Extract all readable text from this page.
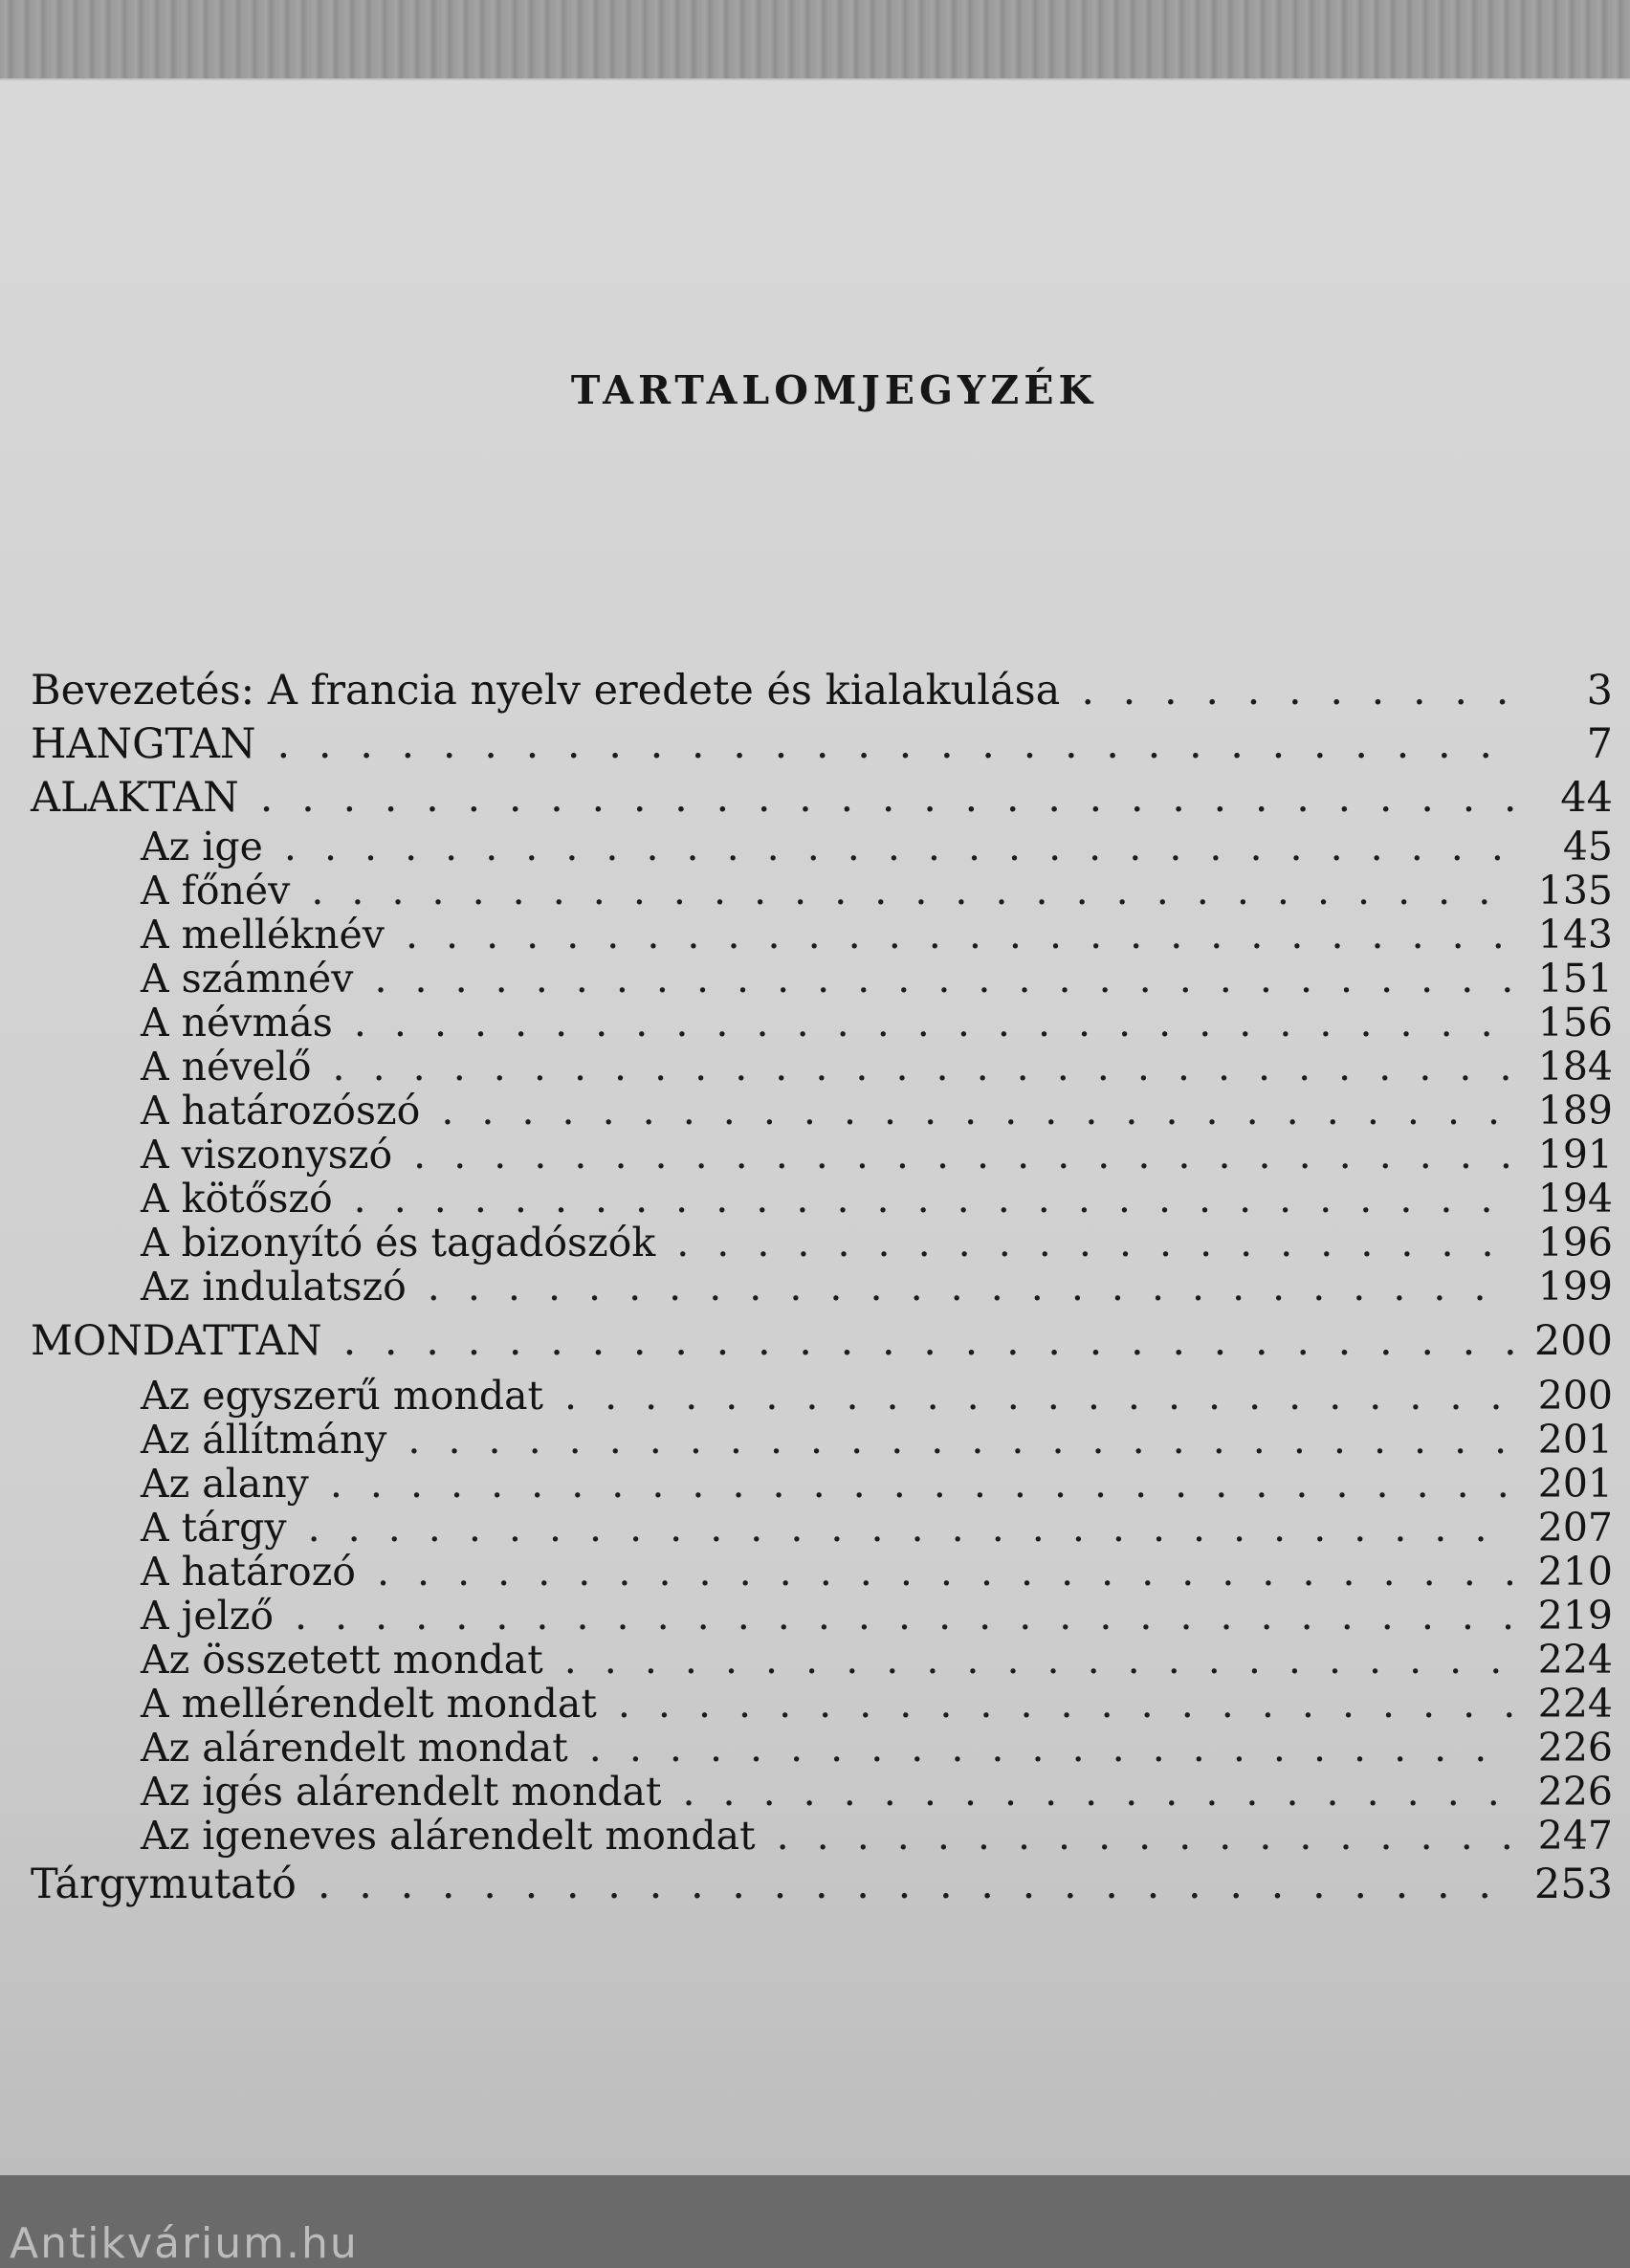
TARTALOMJEGYZÉK
Bevezetés: A francia nyelv eredete és kialakulása . . .	3
HANGTAN . . .	7
ALAKTAN . . .	44
Az ige . . .	45
A főnév . . .	135
A melléknév . . .	143
A számnév . . .	151
A névmás . . .	156
A névelő . . .	184
A határozószó . . .	189
A viszonyszó . . .	191
A kötőszó . . .	194
A bizonyító és tagadószók . . .	196
Az indulatszó . . .	199
MONDATTAN . . .	200
Az egyszerű mondat . . .	200
Az állítmány . . .	201
Az alany . . .	201
A tárgy . . .	207
A határozó . . .	210
A jelző . . .	219
Az összetett mondat . . .	224
A mellérendelt mondat . . .	224
Az alárendelt mondat . . .	226
Az igés alárendelt mondat . . .	226
Az igeneves alárendelt mondat . . .	247
Tárgymutató . . .	253
Antikvárium.hu
